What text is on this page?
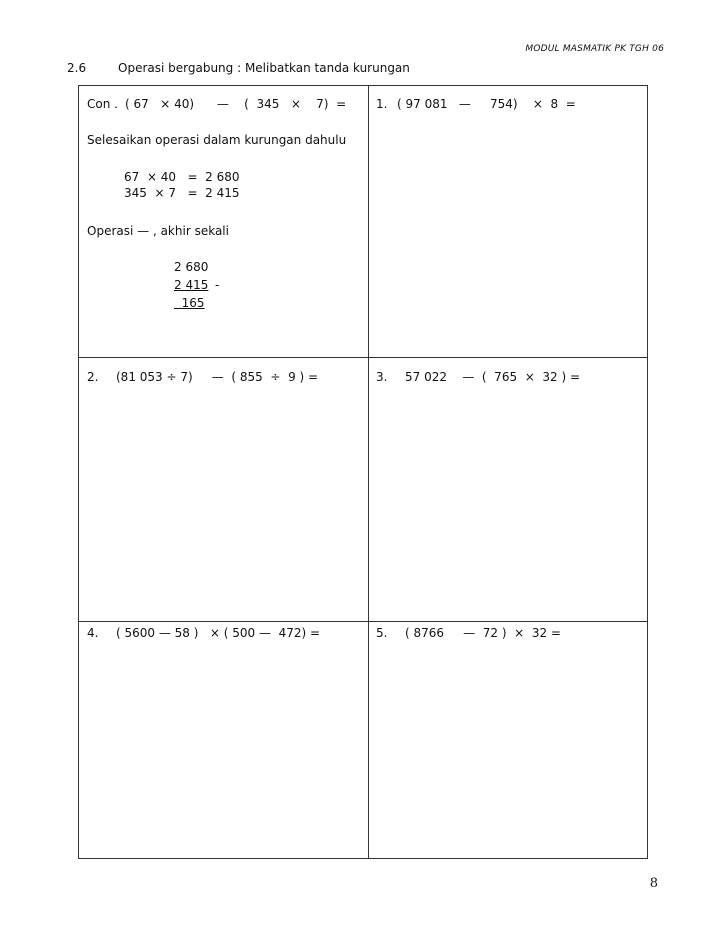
MODUL MASMATIK PK TGH 06
2.6	Operasi bergabung : Melibatkan tanda kurungan
Con . ( 67   × 40)      —    (  345   ×    7)  =
Selesaikan operasi dalam kurungan dahulu
67  × 40   =  2 680
345  × 7   =  2 415
Operasi — , akhir sekali
2 680
2 415 -
165
1. ( 97 081   —     754)    ×  8  =
2. (81 053 ÷ 7)     —  ( 855  ÷  9 ) =	3. 57 022    —  (  765  ×  32 ) =
4. ( 5600 — 58 )   × ( 500 —  472) =	5. ( 8766     —  72 )  ×  32 =
8
